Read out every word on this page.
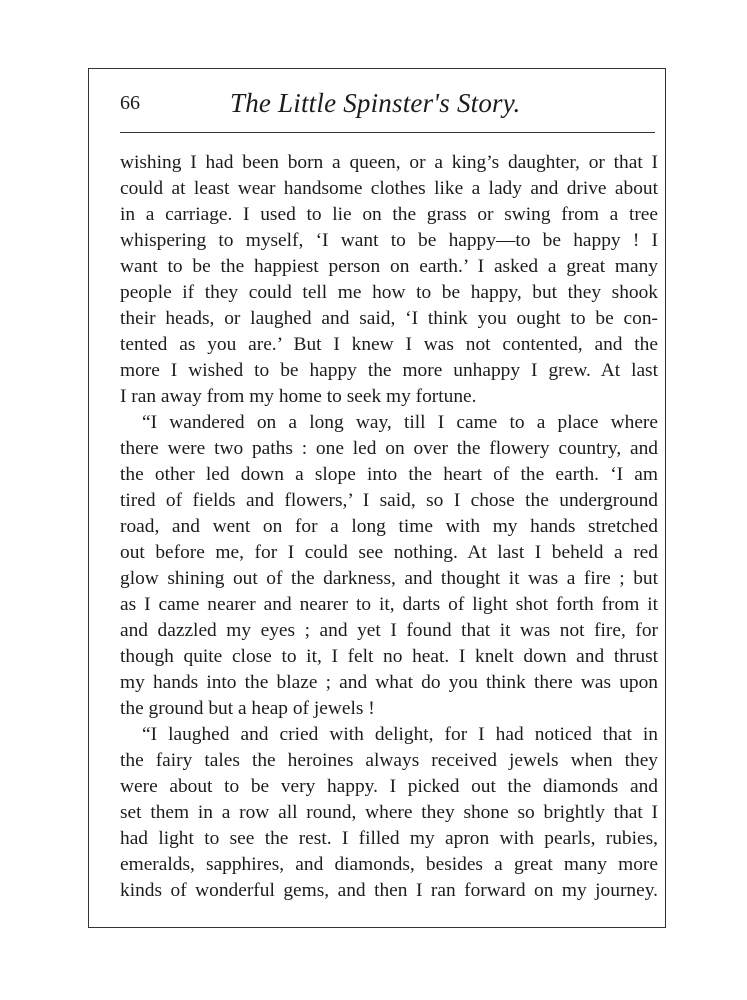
66	The Little Spinster's Story.
wishing I had been born a queen, or a king’s daughter, or that I
could at least wear handsome clothes like a lady and drive about
in a carriage. I used to lie on the grass or swing from a tree
whispering to myself, ‘I want to be happy—to be happy ! I
want to be the happiest person on earth.’ I asked a great many
people if they could tell me how to be happy, but they shook
their heads, or laughed and said, ‘I think you ought to be con-
tented as you are.’ But I knew I was not contented, and the
more I wished to be happy the more unhappy I grew. At last
I ran away from my home to seek my fortune.
“I wandered on a long way, till I came to a place where
there were two paths : one led on over the flowery country, and
the other led down a slope into the heart of the earth. ‘I am
tired of fields and flowers,’ I said, so I chose the underground
road, and went on for a long time with my hands stretched
out before me, for I could see nothing. At last I beheld a red
glow shining out of the darkness, and thought it was a fire ; but
as I came nearer and nearer to it, darts of light shot forth from it
and dazzled my eyes ; and yet I found that it was not fire, for
though quite close to it, I felt no heat. I knelt down and thrust
my hands into the blaze ; and what do you think there was upon
the ground but a heap of jewels !
“I laughed and cried with delight, for I had noticed that in
the fairy tales the heroines always received jewels when they
were about to be very happy. I picked out the diamonds and
set them in a row all round, where they shone so brightly that I
had light to see the rest. I filled my apron with pearls, rubies,
emeralds, sapphires, and diamonds, besides a great many more
kinds of wonderful gems, and then I ran forward on my journey.
